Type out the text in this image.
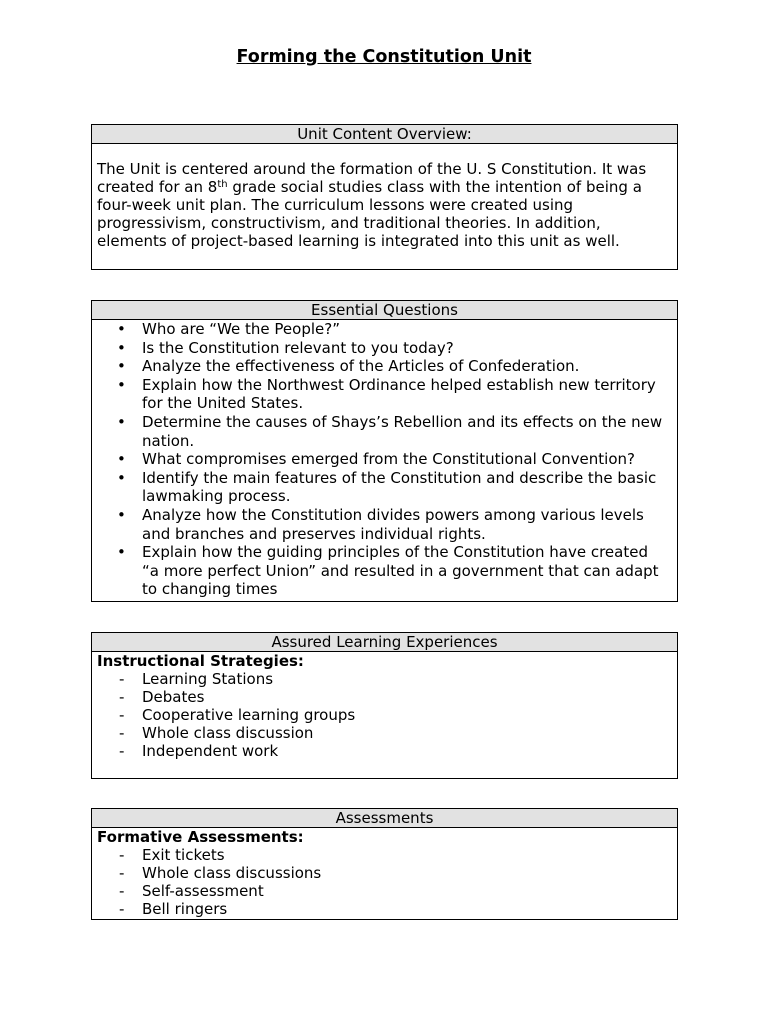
Forming the Constitution Unit
Unit Content Overview:
The Unit is centered around the formation of the U. S Constitution. It was
created for an 8th grade social studies class with the intention of being a
four-week unit plan. The curriculum lessons were created using
progressivism, constructivism, and traditional theories. In addition,
elements of project-based learning is integrated into this unit as well.
Essential Questions
• Who are “We the People?”
• Is the Constitution relevant to you today?
• Analyze the effectiveness of the Articles of Confederation.
• Explain how the Northwest Ordinance helped establish new territory
for the United States.
• Determine the causes of Shays’s Rebellion and its effects on the new
nation.
• What compromises emerged from the Constitutional Convention?
• Identify the main features of the Constitution and describe the basic
lawmaking process.
• Analyze how the Constitution divides powers among various levels
and branches and preserves individual rights.
• Explain how the guiding principles of the Constitution have created
“a more perfect Union” and resulted in a government that can adapt
to changing times
Assured Learning Experiences
Instructional Strategies:
- Learning Stations
- Debates
- Cooperative learning groups
- Whole class discussion
- Independent work
Assessments
Formative Assessments:
- Exit tickets
- Whole class discussions
- Self-assessment
- Bell ringers
